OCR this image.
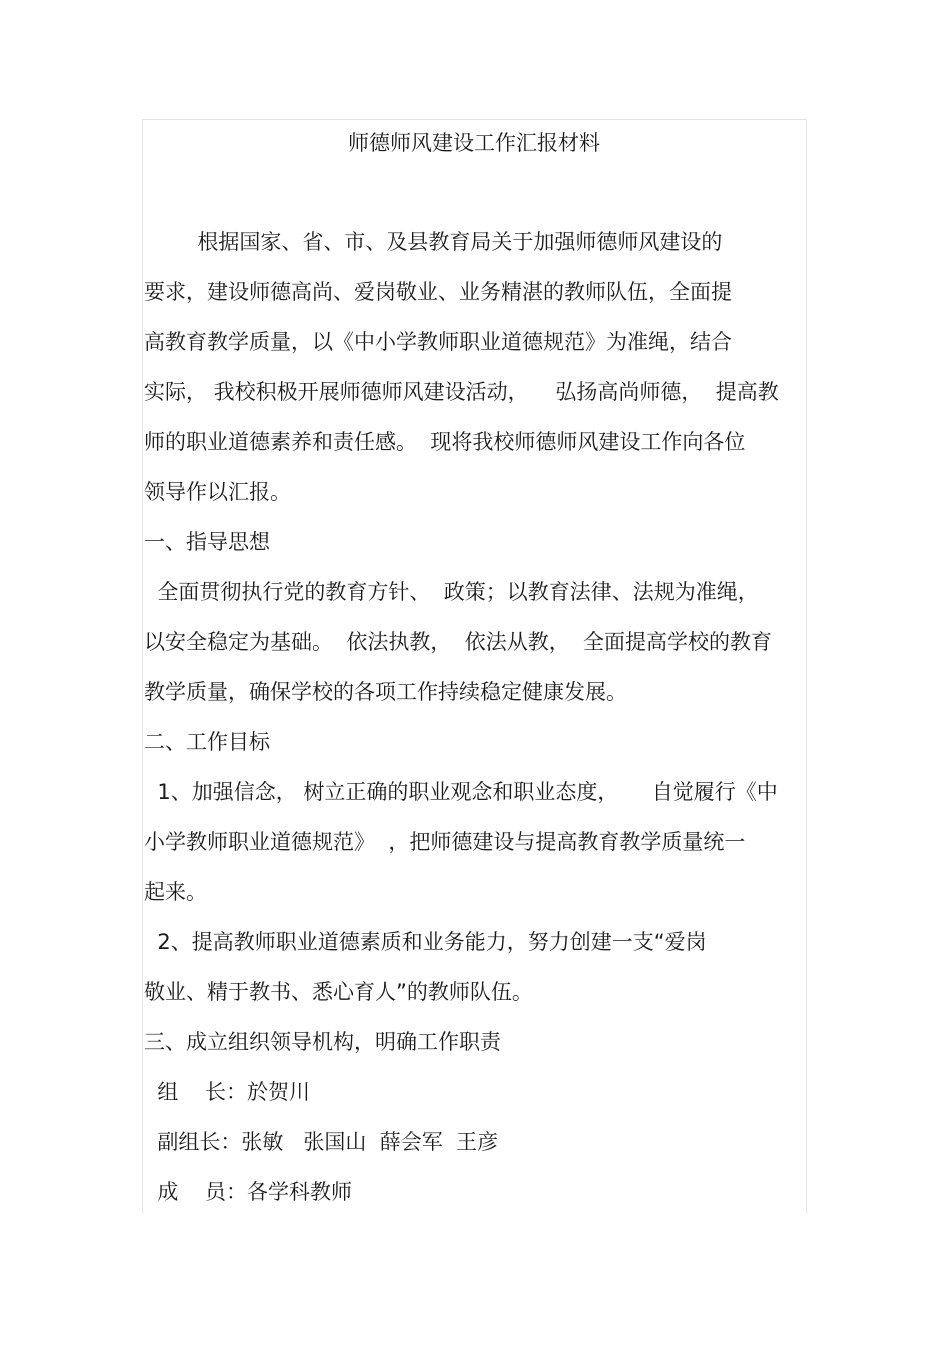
师德师风建设工作汇报材料

根据国家、省、市、及县教育局关于加强师德师风建设的

要求，建设师德高尚、爱岗敬业、业务精湛的教师队伍，全面提

高教育教学质量，以《中小学教师职业道德规范》为准绳，结合

实际， 我校积极开展师德师风建设活动，    弘扬高尚师德，  提高教

师的职业道德素养和责任感。  现将我校师德师风建设工作向各位

领导作以汇报。

一、指导思想

全面贯彻执行党的教育方针、  政策；以教育法律、法规为准绳，

以安全稳定为基础。  依法执教，  依法从教，  全面提高学校的教育

教学质量，确保学校的各项工作持续稳定健康发展。

二、工作目标

1、加强信念， 树立正确的职业观念和职业态度，     自觉履行《中

小学教师职业道德规范》  ，把师德建设与提高教育教学质量统一

起来。

2、提高教师职业道德素质和业务能力，努力创建一支“爱岗

敬业、精于教书、悉心育人”的教师队伍。

三、成立组织领导机构，明确工作职责

组    长：於贺川

副组长：张敏   张国山  薛会军  王彦

成    员：各学科教师
